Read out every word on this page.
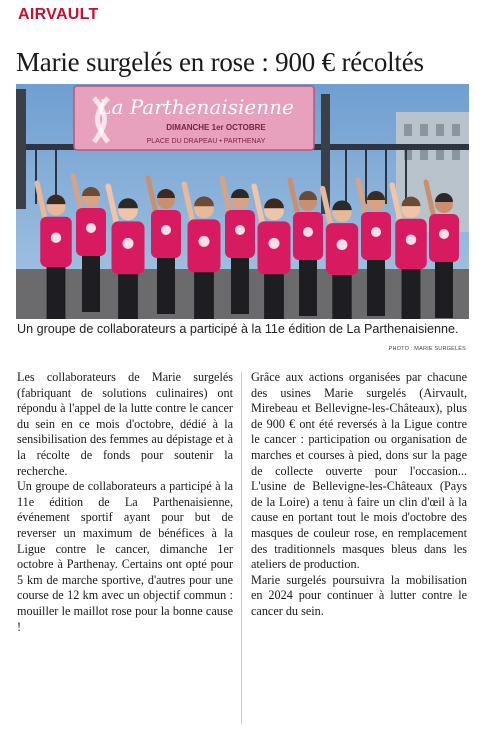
AIRVAULT
Marie surgelés en rose : 900 € récoltés
La Parthenaisienne
DIMANCHE 1er OCTOBRE
PLACE DU DRAPEAU • PARTHENAY
Un groupe de collaborateurs a participé à la 11e édition de La Parthenaisienne.
PHOTO : MARIE SURGELÉS

Les collaborateurs de Marie surgelés (fabriquant de solutions culinaires) ont répondu à l'appel de la lutte contre le cancer du sein en ce mois d'octobre, dédié à la sensibilisation des femmes au dépistage et à la récolte de fonds pour soutenir la recherche.

Un groupe de collaborateurs a participé à la 11e édition de La Parthenaisienne, événement sportif ayant pour but de reverser un maximum de bénéfices à la Ligue contre le cancer, dimanche 1er octobre à Parthenay. Certains ont opté pour 5 km de marche sportive, d'autres pour une course de 12 km avec un objectif commun : mouiller le maillot rose pour la bonne cause !

Grâce aux actions organisées par chacune des usines Marie surgelés (Airvault, Mirebeau et Bellevigne-les-Châteaux), plus de 900 € ont été reversés à la Ligue contre le cancer : participation ou organisation de marches et courses à pied, dons sur la page de collecte ouverte pour l'occasion... L'usine de Bellevigne-les-Châteaux (Pays de la Loire) a tenu à faire un clin d'œil à la cause en portant tout le mois d'octobre des masques de couleur rose, en remplacement des traditionnels masques bleus dans les ateliers de production.

Marie surgelés poursuivra la mobilisation en 2024 pour continuer à lutter contre le cancer du sein.
